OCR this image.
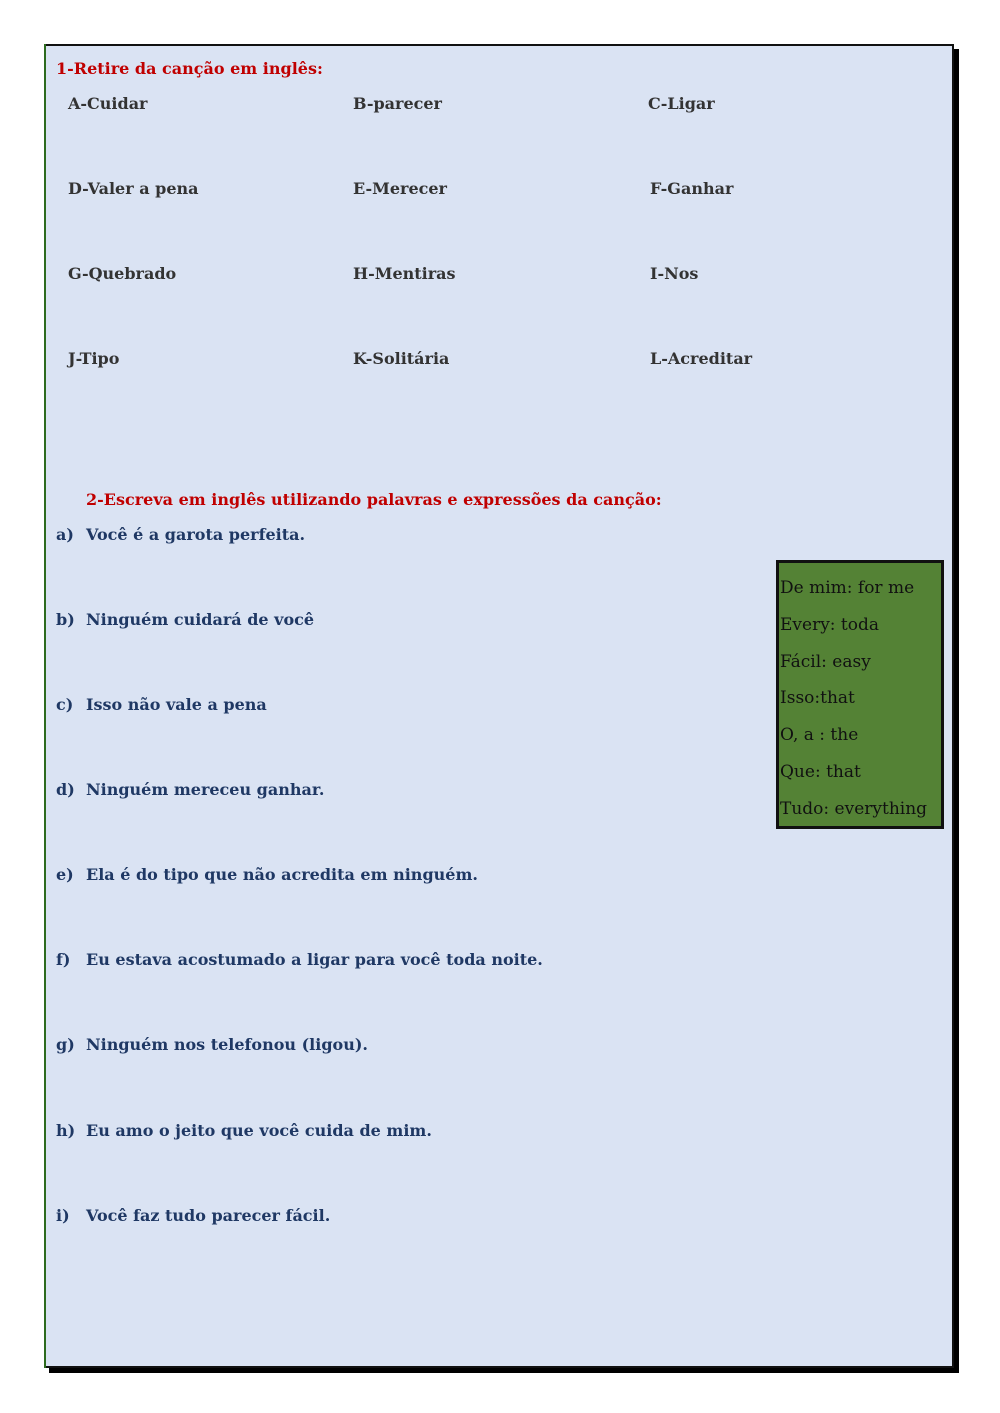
1-Retire da canção em inglês:
A-Cuidar	B-parecer	C-Ligar
D-Valer a pena	E-Merecer	F-Ganhar
G-Quebrado	H-Mentiras	I-Nos
J-Tipo	K-Solitária	L-Acreditar
2-Escreva em inglês utilizando palavras e expressões da canção:
a) Você é a garota perfeita.
b) Ninguém cuidará de você
c) Isso não vale a pena
d) Ninguém mereceu ganhar.
e) Ela é do tipo que não acredita em ninguém.
f) Eu estava acostumado a ligar para você toda noite.
g) Ninguém nos telefonou (ligou).
h) Eu amo o jeito que você cuida de mim.
i) Você faz tudo parecer fácil.
De mim: for me
Every: toda
Fácil: easy
Isso:that
O, a : the
Que: that
Tudo: everything
